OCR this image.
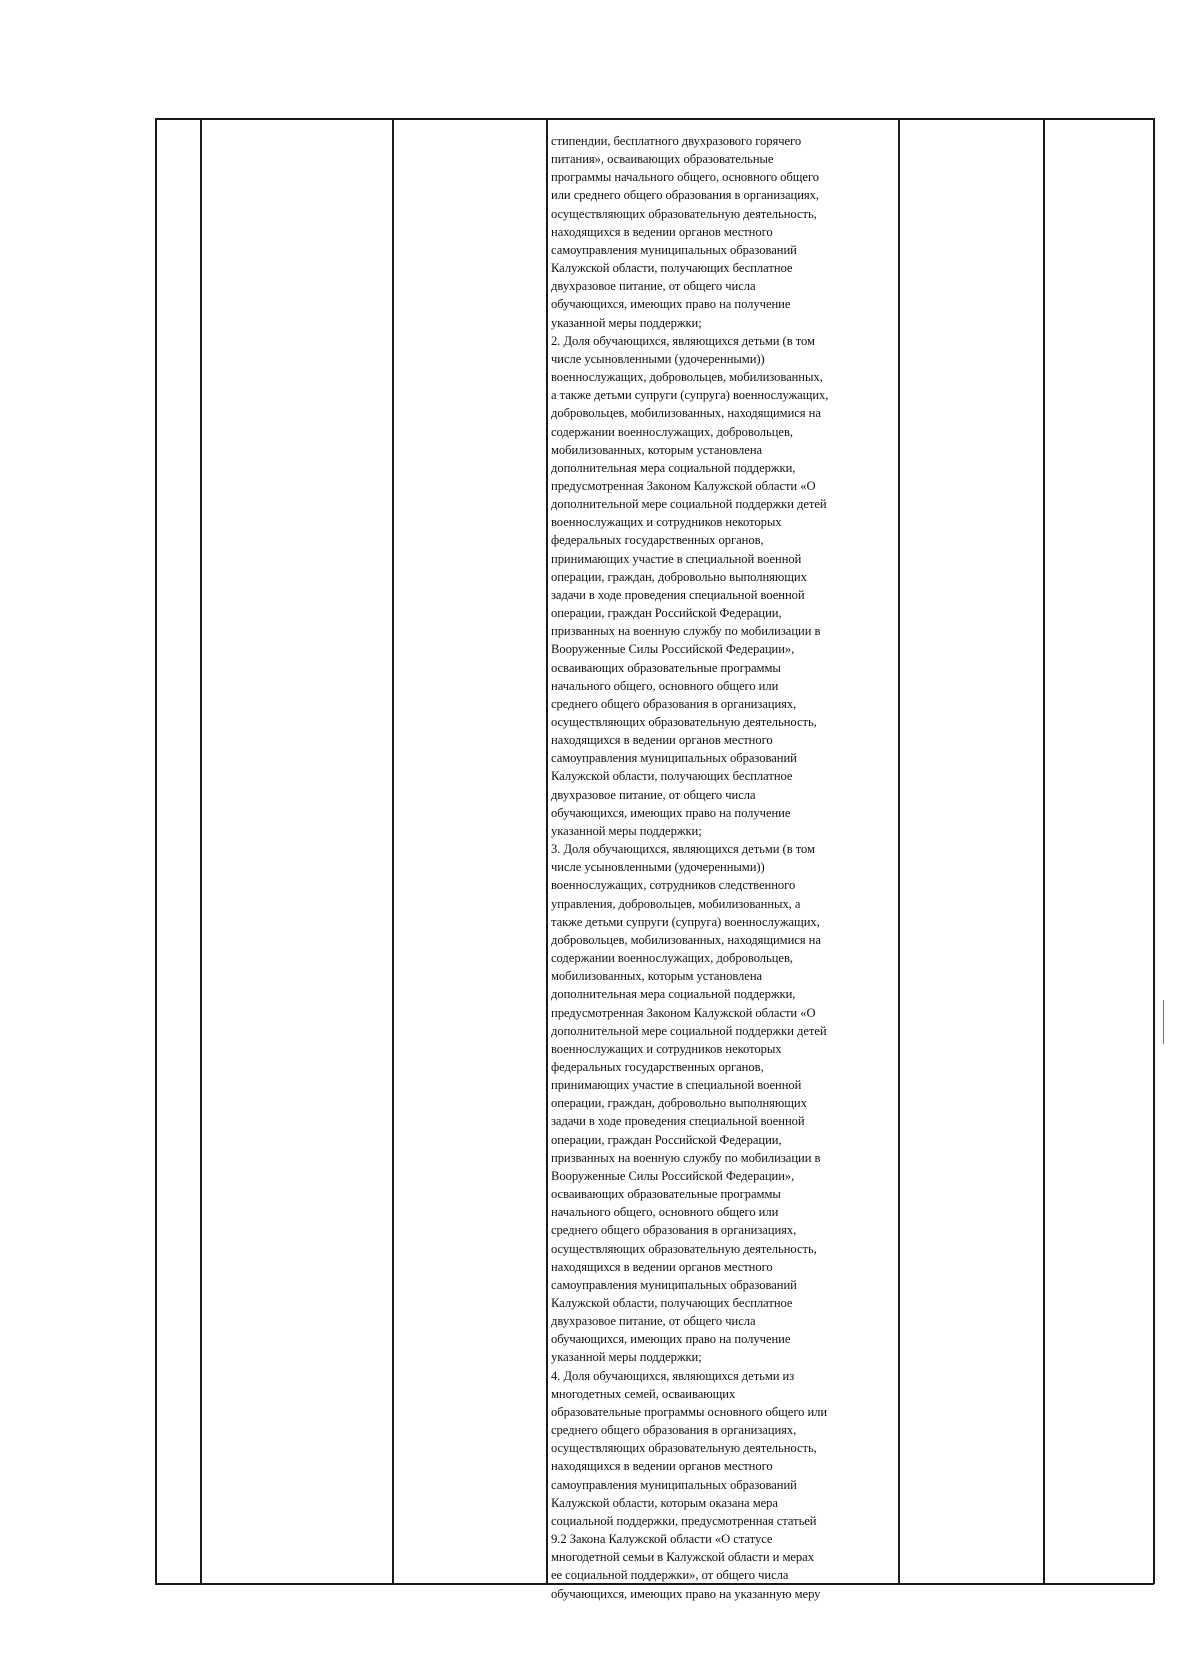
стипендии, бесплатного двухразового горячего
питания», осваивающих образовательные
программы начального общего, основного общего
или среднего общего образования в организациях,
осуществляющих образовательную деятельность,
находящихся в ведении органов местного
самоуправления муниципальных образований
Калужской области, получающих бесплатное
двухразовое питание, от общего числа
обучающихся, имеющих право на получение
указанной меры поддержки;
2. Доля обучающихся, являющихся детьми (в том
числе усыновленными (удочеренными))
военнослужащих, добровольцев, мобилизованных,
а также детьми супруги (супруга) военнослужащих,
добровольцев, мобилизованных, находящимися на
содержании военнослужащих, добровольцев,
мобилизованных, которым установлена
дополнительная мера социальной поддержки,
предусмотренная Законом Калужской области «О
дополнительной мере социальной поддержки детей
военнослужащих и сотрудников некоторых
федеральных государственных органов,
принимающих участие в специальной военной
операции, граждан, добровольно выполняющих
задачи в ходе проведения специальной военной
операции, граждан Российской Федерации,
призванных на военную службу по мобилизации в
Вооруженные Силы Российской Федерации»,
осваивающих образовательные программы
начального общего, основного общего или
среднего общего образования в организациях,
осуществляющих образовательную деятельность,
находящихся в ведении органов местного
самоуправления муниципальных образований
Калужской области, получающих бесплатное
двухразовое питание, от общего числа
обучающихся, имеющих право на получение
указанной меры поддержки;
3. Доля обучающихся, являющихся детьми (в том
числе усыновленными (удочеренными))
военнослужащих, сотрудников следственного
управления, добровольцев, мобилизованных, а
также детьми супруги (супруга) военнослужащих,
добровольцев, мобилизованных, находящимися на
содержании военнослужащих, добровольцев,
мобилизованных, которым установлена
дополнительная мера социальной поддержки,
предусмотренная Законом Калужской области «О
дополнительной мере социальной поддержки детей
военнослужащих и сотрудников некоторых
федеральных государственных органов,
принимающих участие в специальной военной
операции, граждан, добровольно выполняющих
задачи в ходе проведения специальной военной
операции, граждан Российской Федерации,
призванных на военную службу по мобилизации в
Вооруженные Силы Российской Федерации»,
осваивающих образовательные программы
начального общего, основного общего или
среднего общего образования в организациях,
осуществляющих образовательную деятельность,
находящихся в ведении органов местного
самоуправления муниципальных образований
Калужской области, получающих бесплатное
двухразовое питание, от общего числа
обучающихся, имеющих право на получение
указанной меры поддержки;
4. Доля обучающихся, являющихся детьми из
многодетных семей, осваивающих
образовательные программы основного общего или
среднего общего образования в организациях,
осуществляющих образовательную деятельность,
находящихся в ведении органов местного
самоуправления муниципальных образований
Калужской области, которым оказана мера
социальной поддержки, предусмотренная статьей
9.2 Закона Калужской области «О статусе
многодетной семьи в Калужской области и мерах
ее социальной поддержки», от общего числа
обучающихся, имеющих право на указанную меру
